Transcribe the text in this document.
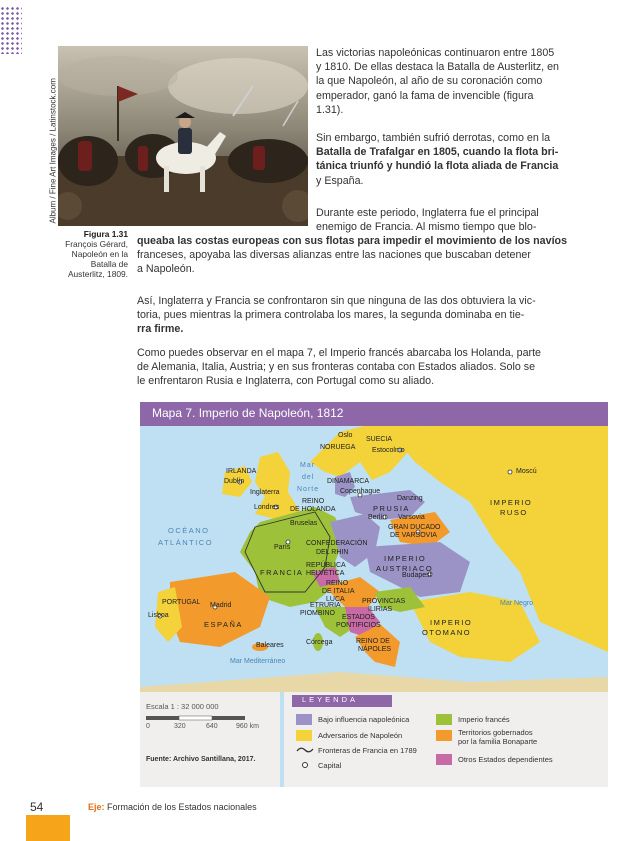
Album / Fine Art Images / Latinstock.com
Figura 1.31 François Gérard, Napoleón en la Batalla de Austerlitz, 1809.
Las victorias napoleónicas continuaron entre 1805
y 1810. De ellas destaca la Batalla de Austerlitz, en
la que Napoleón, al año de su coronación como
emperador, ganó la fama de invencible (figura
1.31).
Sin embargo, también sufrió derrotas, como en la
Batalla de Trafalgar en 1805, cuando la flota bri-
tánica triunfó y hundió la flota aliada de Francia
y España.
Durante este periodo, Inglaterra fue el principal
enemigo de Francia. Al mismo tiempo que blo-
queaba las costas europeas con sus flotas para impedir el movimiento de los navíos
franceses, apoyaba las diversas alianzas entre las naciones que buscaban detener
a Napoleón.
Así, Inglaterra y Francia se confrontaron sin que ninguna de las dos obtuviera la vic-
toria, pues mientras la primera controlaba los mares, la segunda dominaba en tie-
rra firme.
Como puedes observar en el mapa 7, el Imperio francés abarcaba los Holanda, parte
de Alemania, Italia, Austria; y en sus fronteras contaba con Estados aliados. Solo se
le enfrentaron Rusia e Inglaterra, con Portugal como su aliado.
Oslo
SUECIA
NORUEGA Estocolmo
IRLANDA
Dublín
Mar
del
Norte
DINAMARCA
Copenhague
Moscú
Inglaterra
Londres
REINO
DE HOLANDA
Danzing
PRUSIA
Berlín
IMPERIO
RUSO
Bruselas
Varsovia
GRAN DUCADO
DE VARSOVIA
OCÉANO
ATLÁNTICO
París
CONFEDERACIÓN
DEL RHIN
IMPERIO
AUSTRIACO
FRANCIA
REPÚBLICA
HELVÉTICA	Budapest
REINO
DE ITALIA
LUCA
PORTUGAL Madrid
ESPAÑA
Lisboa
ETRURIA
PIOMBINO
ESTADOS
PONTIFICIOS
PROVINCIAS
ILIRIAS
IMPERIO
OTOMANO
Mar Negro
Baleares	Córcega	REINO DE
NÁPOLES
Mar Mediterráneo
Mapa 7. Imperio de Napoleón, 1812
Escala 1 : 32 000 000
0	320	640	960 km
Fuente: Archivo Santillana, 2017.
LEYENDA
Bajo influencia napoleónica
Adversarios de Napoleón
Fronteras de Francia en 1789
Capital
Imperio francés
Territorios gobernados
por la familia Bonaparte
Otros Estados dependientes
54	Eje: Formación de los Estados nacionales
